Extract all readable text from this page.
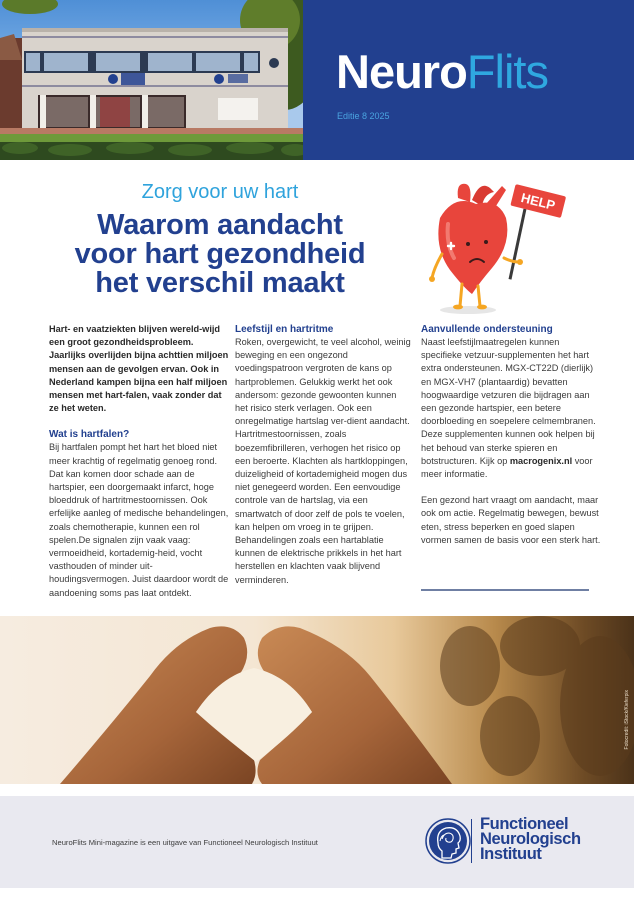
NeuroFlits
Editie 8 2025
Zorg voor uw hart
Waarom aandacht
voor hart gezondheid
het verschil maakt
HELP

Hart- en vaatziekten blijven wereld-wijd een groot gezondheidsprobleem. Jaarlijks overlijden bijna achttien miljoen mensen aan de gevolgen ervan. Ook in Nederland kampen bijna een half miljoen mensen met hart-falen, vaak zonder dat ze het weten.

Wat is hartfalen?

Bij hartfalen pompt het hart het bloed niet meer krachtig of regelmatig genoeg rond. Dat kan komen door schade aan de hartspier, een doorgemaakt infarct, hoge bloeddruk of hartritmestoornissen. Ook erfelijke aanleg of medische behandelingen, zoals chemotherapie, kunnen een rol spelen.De signalen zijn vaak vaag: vermoeidheid, kortademig-heid, vocht vasthouden of minder uit-houdingsvermogen. Juist daardoor wordt de aandoening soms pas laat ontdekt.

Leefstijl en hartritme

Roken, overgewicht, te veel alcohol, weinig beweging en een ongezond voedingspatroon vergroten de kans op hartproblemen. Gelukkig werkt het ook andersom: gezonde gewoonten kunnen het risico sterk verlagen. Ook een onregelmatige hartslag ver-dient aandacht. Hartritmestoornissen, zoals boezemfibrilleren, verhogen het risico op een beroerte. Klachten als hartkloppingen, duizeligheid of kortademigheid mogen dus niet genegeerd worden. Een eenvoudige controle van de hartslag, via een smartwatch of door zelf de pols te voelen, kan helpen om vroeg in te grijpen. Behandelingen zoals een hartablatie kunnen de elektrische prikkels in het hart herstellen en klachten vaak blijvend verminderen.

Aanvullende ondersteuning

Naast leefstijlmaatregelen kunnen specifieke vetzuur-supplementen het hart extra ondersteunen. MGX-CT22D (dierlijk) en MGX-VH7 (plantaardig) bevatten hoogwaardige vetzuren die bijdragen aan een gezonde hartspier, een betere doorbloeding en soepelere celmembranen. Deze supplementen kunnen ook helpen bij het behoud van sterke spieren en botstructuren. Kijk op macrogenix.nl voor meer informatie.

Een gezond hart vraagt om aandacht, maar ook om actie. Regelmatig bewegen, bewust eten, stress beperken en goed slapen vormen samen de basis voor een sterk hart.

Fotocredit: iStock/Kieferpix
NeuroFlits Mini-magazine is een uitgave van Functioneel Neurologisch Instituut
Functioneel
Neurologisch
Instituut
